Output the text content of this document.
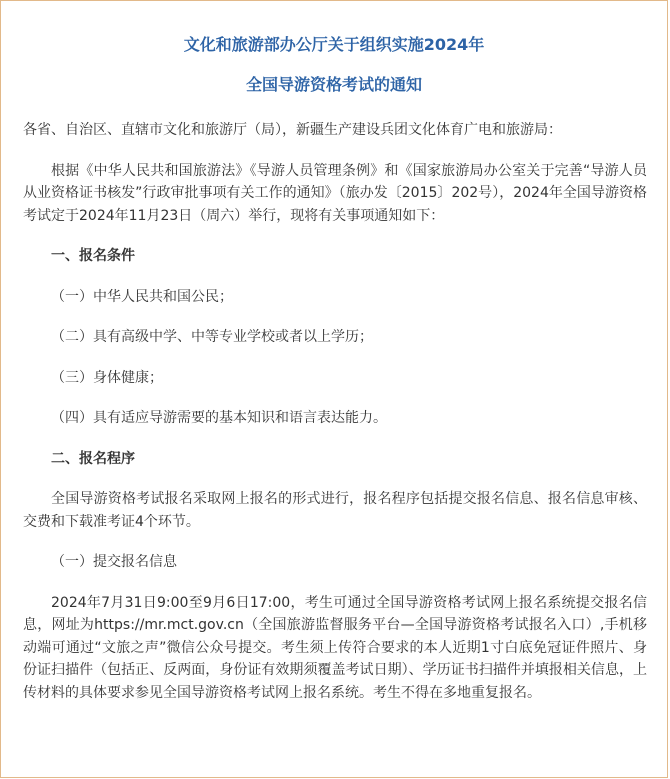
文化和旅游部办公厅关于组织实施2024年
全国导游资格考试的通知

各省、自治区、直辖市文化和旅游厅（局），新疆生产建设兵团文化体育广电和旅游局：

根据《中华人民共和国旅游法》《导游人员管理条例》和《国家旅游局办公室关于完善“导游人员从业资格证书核发”行政审批事项有关工作的通知》（旅办发〔2015〕202号），2024年全国导游资格考试定于2024年11月23日（周六）举行，现将有关事项通知如下：

一、报名条件

（一）中华人民共和国公民；

（二）具有高级中学、中等专业学校或者以上学历；

（三）身体健康；

（四）具有适应导游需要的基本知识和语言表达能力。

二、报名程序

全国导游资格考试报名采取网上报名的形式进行，报名程序包括提交报名信息、报名信息审核、交费和下载准考证4个环节。

（一）提交报名信息

2024年7月31日9:00至9月6日17:00，考生可通过全国导游资格考试网上报名系统提交报名信息，网址为https://mr.mct.gov.cn（全国旅游监督服务平台—全国导游资格考试报名入口）,手机移动端可通过“文旅之声”微信公众号提交。考生须上传符合要求的本人近期1寸白底免冠证件照片、身份证扫描件（包括正、反两面，身份证有效期须覆盖考试日期）、学历证书扫描件并填报相关信息，上传材料的具体要求参见全国导游资格考试网上报名系统。考生不得在多地重复报名。
